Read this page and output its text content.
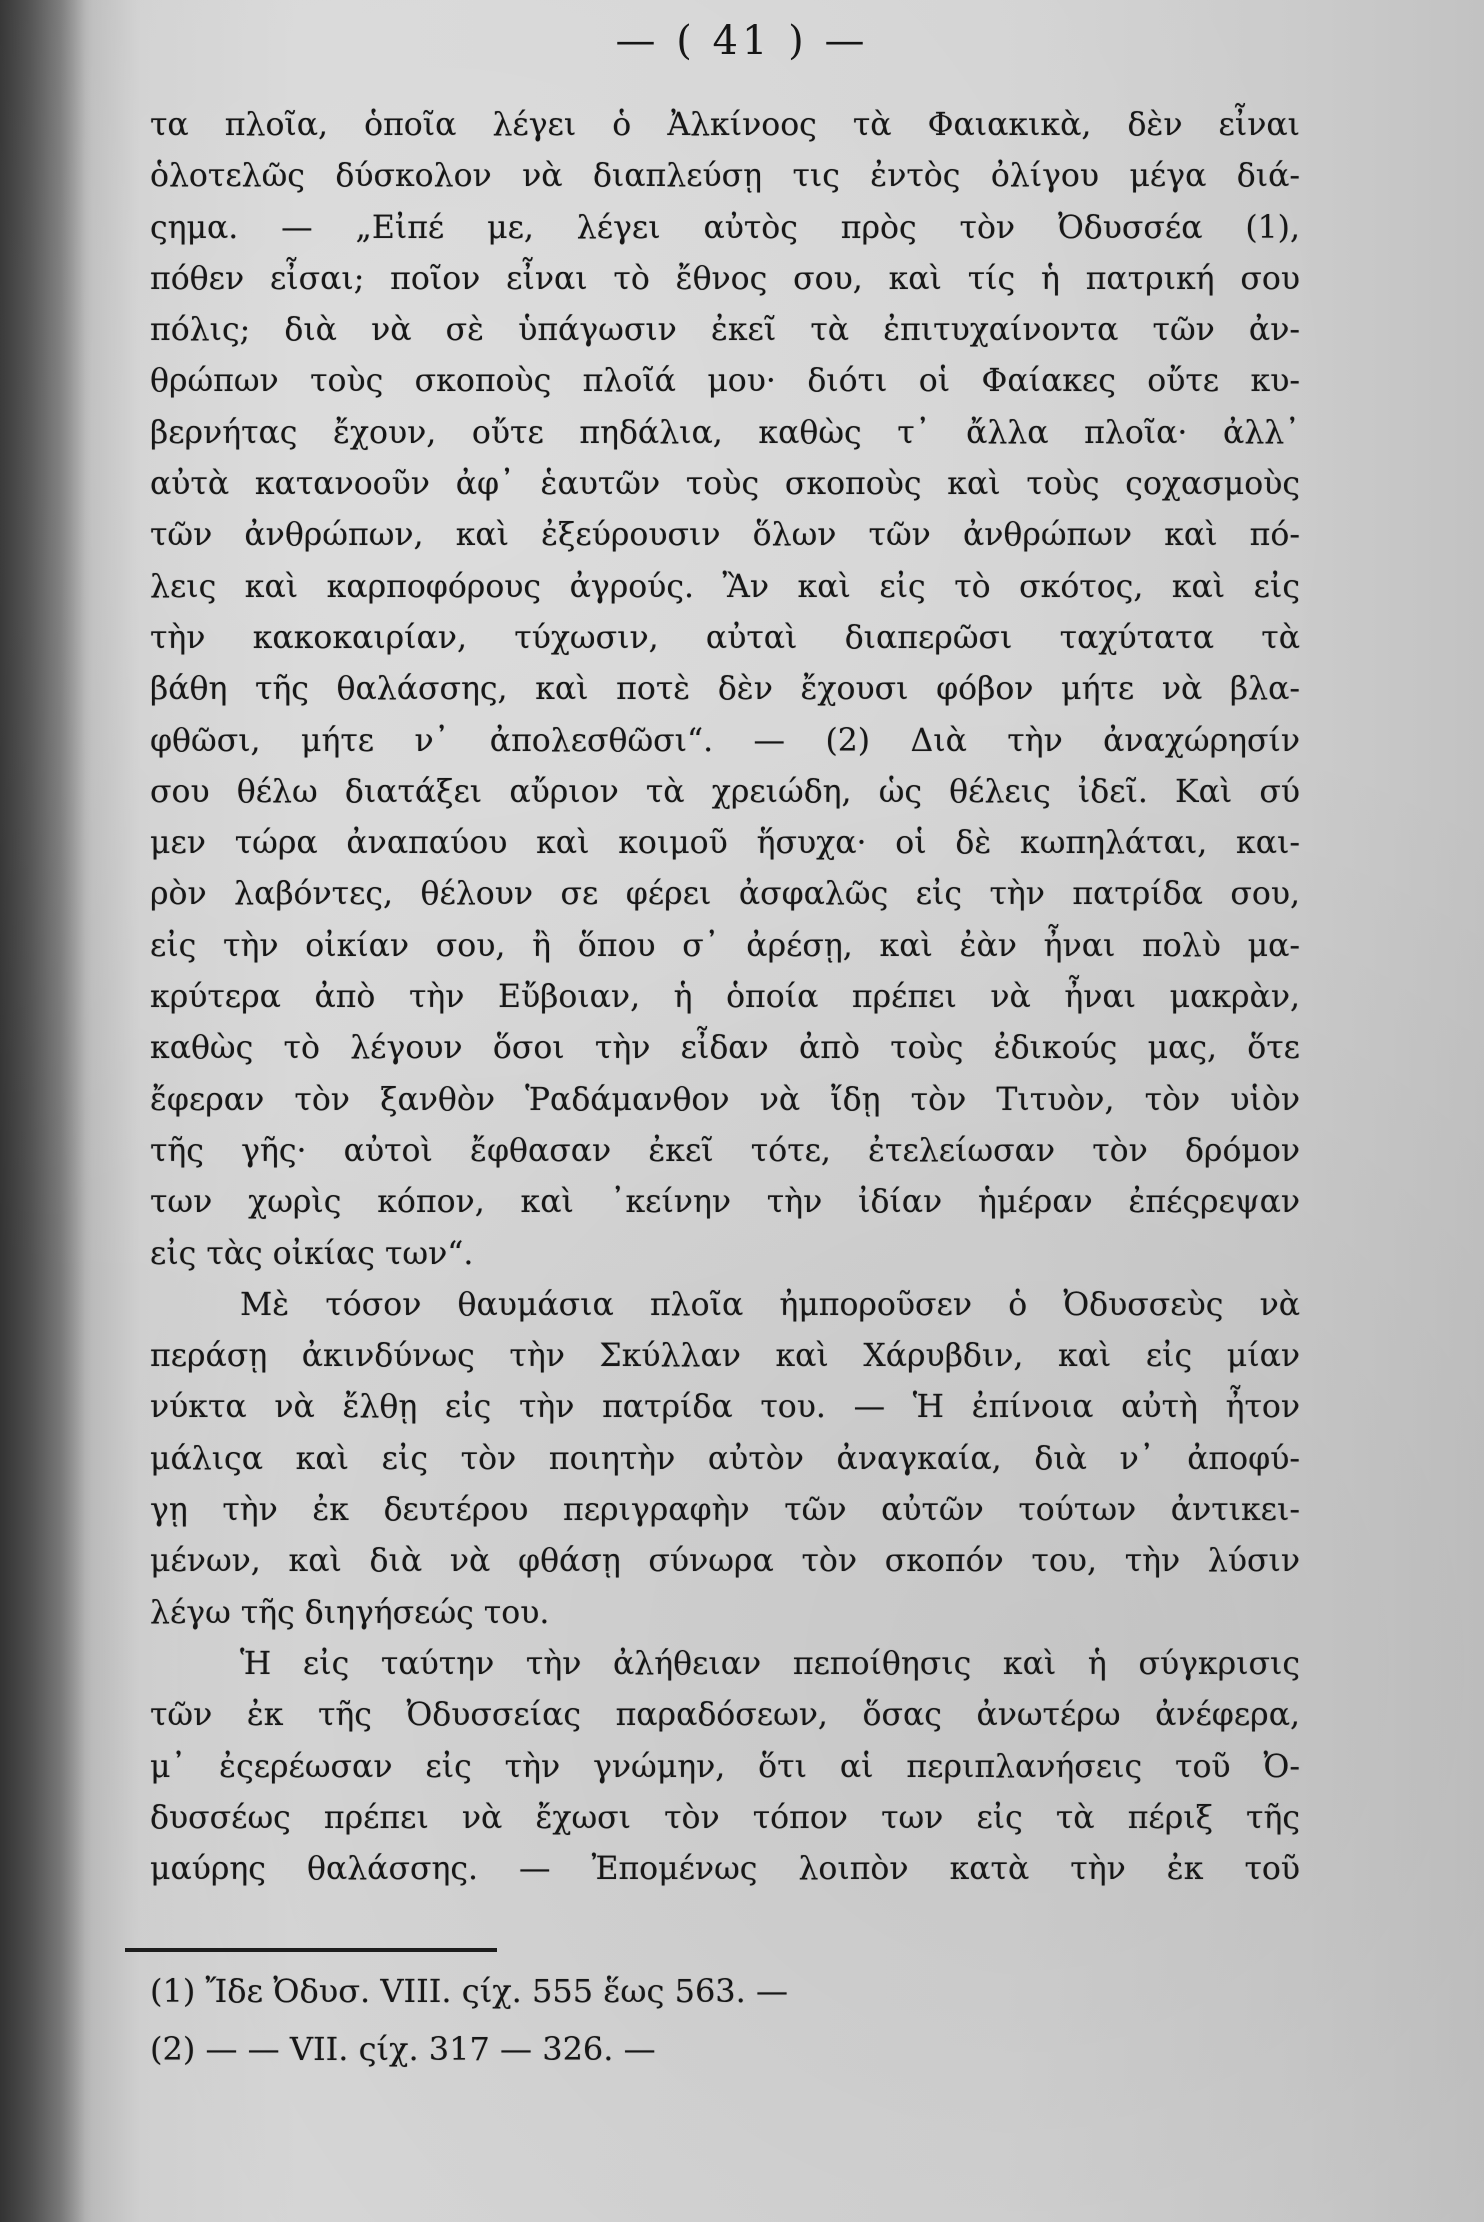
— ( 41 ) —
τα πλοῖα, ὁποῖα λέγει ὁ Ἀλκίνοος τὰ Φαιακικὰ, δὲν εἶναι
ὁλοτελῶς δύσκολον νὰ διαπλεύσῃ τις ἐντὸς ὀλίγου μέγα διά-
ςημα. — „Εἰπέ με, λέγει αὐτὸς πρὸς τὸν Ὀδυσσέα (1),
πόθεν εἶσαι; ποῖον εἶναι τὸ ἔθνος σου, καὶ τίς ἡ πατρική σου
πόλις; διὰ νὰ σὲ ὑπάγωσιν ἐκεῖ τὰ ἐπιτυχαίνοντα τῶν ἀν-
θρώπων τοὺς σκοποὺς πλοῖά μου· διότι οἱ Φαίακες οὔτε κυ-
βερνήτας ἔχουν, οὔτε πηδάλια, καθὼς τ᾽ ἄλλα πλοῖα· ἀλλ᾽
αὐτὰ κατανοοῦν ἀφ᾽ ἑαυτῶν τοὺς σκοποὺς καὶ τοὺς ςοχασμοὺς
τῶν ἀνθρώπων, καὶ ἐξεύρουσιν ὅλων τῶν ἀνθρώπων καὶ πό-
λεις καὶ καρποφόρους ἀγρούς. Ἂν καὶ εἰς τὸ σκότος, καὶ εἰς
τὴν κακοκαιρίαν, τύχωσιν, αὐταὶ διαπερῶσι ταχύτατα τὰ
βάθη τῆς θαλάσσης, καὶ ποτὲ δὲν ἔχουσι φόβον μήτε νὰ βλα-
φθῶσι, μήτε ν᾽ ἀπολεσθῶσι“. — (2) Διὰ τὴν ἀναχώρησίν
σου θέλω διατάξει αὔριον τὰ χρειώδη, ὡς θέλεις ἰδεῖ. Καὶ σύ
μεν τώρα ἀναπαύου καὶ κοιμοῦ ἥσυχα· οἱ δὲ κωπηλάται, και-
ρὸν λαβόντες, θέλουν σε φέρει ἀσφαλῶς εἰς τὴν πατρίδα σου,
εἰς τὴν οἰκίαν σου, ἢ ὅπου σ᾽ ἀρέσῃ, καὶ ἐὰν ἦναι πολὺ μα-
κρύτερα ἀπὸ τὴν Εὔβοιαν, ἡ ὁποία πρέπει νὰ ἦναι μακρὰν,
καθὼς τὸ λέγουν ὅσοι τὴν εἶδαν ἀπὸ τοὺς ἐδικούς μας, ὅτε
ἔφεραν τὸν ξανθὸν Ῥαδάμανθον νὰ ἴδῃ τὸν Τιτυὸν, τὸν υἱὸν
τῆς γῆς· αὐτοὶ ἔφθασαν ἐκεῖ τότε, ἐτελείωσαν τὸν δρόμον
των χωρὶς κόπον, καὶ ᾽κείνην τὴν ἰδίαν ἡμέραν ἐπέςρεψαν
εἰς τὰς οἰκίας των“.
Μὲ τόσον θαυμάσια πλοῖα ἠμποροῦσεν ὁ Ὀδυσσεὺς νὰ
περάσῃ ἀκινδύνως τὴν Σκύλλαν καὶ Χάρυβδιν, καὶ εἰς μίαν
νύκτα νὰ ἔλθῃ εἰς τὴν πατρίδα του. — Ἡ ἐπίνοια αὐτὴ ἦτον
μάλιςα καὶ εἰς τὸν ποιητὴν αὐτὸν ἀναγκαία, διὰ ν᾽ ἀποφύ-
γῃ τὴν ἐκ δευτέρου περιγραφὴν τῶν αὐτῶν τούτων ἀντικει-
μένων, καὶ διὰ νὰ φθάσῃ σύνωρα τὸν σκοπόν του, τὴν λύσιν
λέγω τῆς διηγήσεώς του.
Ἡ εἰς ταύτην τὴν ἀλήθειαν πεποίθησις καὶ ἡ σύγκρισις
τῶν ἐκ τῆς Ὀδυσσείας παραδόσεων, ὅσας ἀνωτέρω ἀνέφερα,
μ᾽ ἐςερέωσαν εἰς τὴν γνώμην, ὅτι αἱ περιπλανήσεις τοῦ Ὀ-
δυσσέως πρέπει νὰ ἔχωσι τὸν τόπον των εἰς τὰ πέριξ τῆς
μαύρης θαλάσσης. — Ἐπομένως λοιπὸν κατὰ τὴν ἐκ τοῦ
(1) Ἴδε Ὀδυσ. VIII. ςίχ. 555 ἕως 563. —
(2) — — VII. ςίχ. 317 — 326. —
